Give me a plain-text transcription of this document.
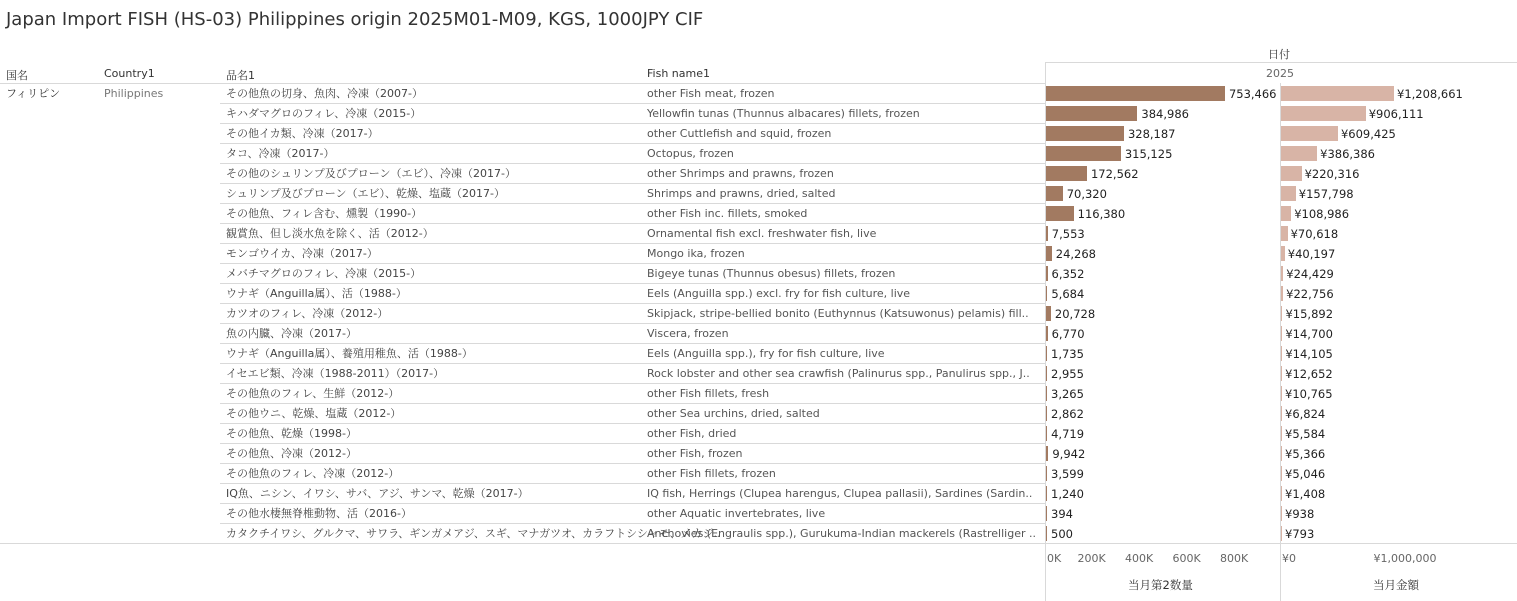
Japan Import FISH (HS-03) Philippines origin 2025M01-M09, KGS, 1000JPY CIF
日付
国名	Country1	品名1	Fish name1	2025
フィリピン	Philippines	その他魚の切身、魚肉、冷凍（2007-）	other Fish meat, frozen	753,466	¥1,208,661
キハダマグロのフィレ、冷凍（2015-）	Yellowfin tunas (Thunnus albacares) fillets, frozen	384,986	¥906,111
その他イカ類、冷凍（2017-）	other Cuttlefish and squid, frozen	328,187	¥609,425
タコ、冷凍（2017-）	Octopus, frozen	315,125	¥386,386
その他のシュリンプ及びプローン（エビ）、冷凍（2017-）	other Shrimps and prawns, frozen	172,562	¥220,316
シュリンプ及びプローン（エビ）、乾燥、塩蔵（2017-）	Shrimps and prawns, dried, salted	70,320	¥157,798
その他魚、フィレ含む、燻製（1990-）	other Fish inc. fillets, smoked	116,380	¥108,986
観賞魚、但し淡水魚を除く、活（2012-）	Ornamental fish excl. freshwater fish, live	7,553	¥70,618
モンゴウイカ、冷凍（2017-）	Mongo ika, frozen	24,268	¥40,197
メバチマグロのフィレ、冷凍（2015-）	Bigeye tunas (Thunnus obesus) fillets, frozen	6,352	¥24,429
ウナギ（Anguilla属）、活（1988-）	Eels (Anguilla spp.) excl. fry for fish culture, live	5,684	¥22,756
カツオのフィレ、冷凍（2012-）	Skipjack, stripe-bellied bonito (Euthynnus (Katsuwonus) pelamis) fill..	20,728	¥15,892
魚の内臓、冷凍（2017-）	Viscera, frozen	6,770	¥14,700
ウナギ（Anguilla属）、養殖用稚魚、活（1988-）	Eels (Anguilla spp.), fry for fish culture, live	1,735	¥14,105
イセエビ類、冷凍（1988-2011）（2017-）	Rock lobster and other sea crawfish (Palinurus spp., Panulirus spp., J..	2,955	¥12,652
その他魚のフィレ、生鮮（2012-）	other Fish fillets, fresh	3,265	¥10,765
その他ウニ、乾燥、塩蔵（2012-）	other Sea urchins, dried, salted	2,862	¥6,824
その他魚、乾燥（1998-）	other Fish, dried	4,719	¥5,584
その他魚、冷凍（2012-）	other Fish, frozen	9,942	¥5,366
その他魚のフィレ、冷凍（2012-）	other Fish fillets, frozen	3,599	¥5,046
IQ魚、ニシン、イワシ、サバ、アジ、サンマ、乾燥（2017-）	IQ fish, Herrings (Clupea harengus, Clupea pallasii), Sardines (Sardin..	1,240	¥1,408
その他水棲無脊椎動物、活（2016-）	other Aquatic invertebrates, live	394	¥938
カタクチイワシ、グルクマ、サワラ、ギンガメアジ、スギ、マナガツオ、カラフトシシャモ、メカジ..
Anchovies (Engraulis spp.), Gurukuma-Indian mackerels (Rastrelliger ..	500	¥793
0K 200K 400K 600K 800K	¥0	¥1,000,000
当月第2数量	当月金額
